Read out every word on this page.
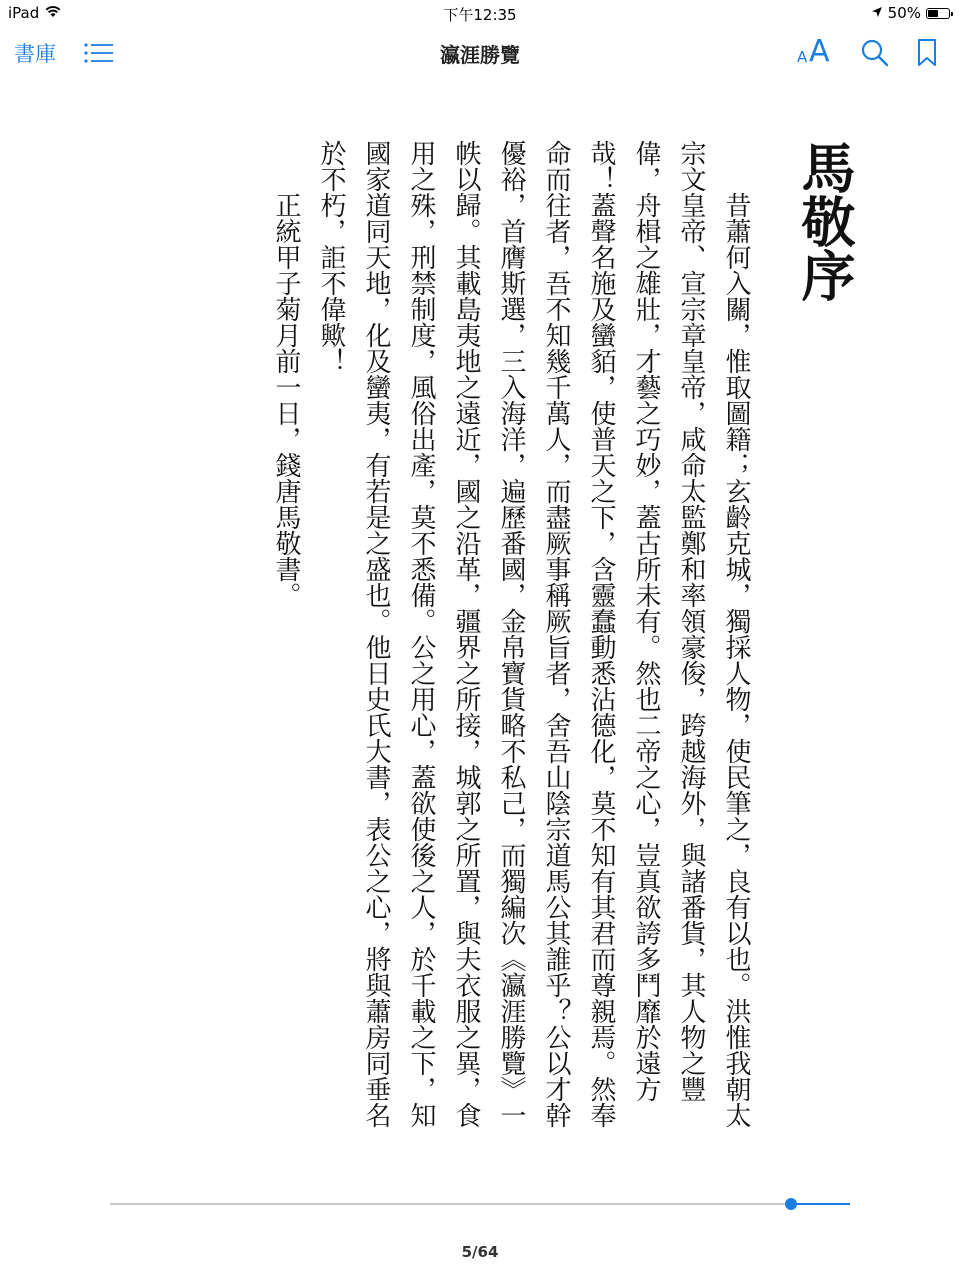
iPad	下午12:35	50%
書庫	瀛涯勝覽	A A
馬敬序

昔蕭何入關，惟取圖籍；玄齡克城，獨採人物，使民筆之，良有以也。洪惟我朝太宗文皇帝、宣宗章皇帝，咸命太監鄭和率領豪俊，跨越海外，與諸番貨，其人物之豐偉，舟楫之雄壯，才藝之巧妙，蓋古所未有。然也二帝之心，豈真欲誇多鬥靡於遠方哉！蓋聲名施及蠻貊，使普天之下，含靈蠢動悉沾德化，莫不知有其君而尊親焉。然奉命而往者，吾不知幾千萬人，而盡厥事稱厥旨者，舍吾山陰宗道馬公其誰乎？公以才幹優裕，首膺斯選，三入海洋，遍歷番國，金帛寶貨略不私己，而獨編次《瀛涯勝覽》一帙以歸。其載島夷地之遠近，國之沿革，疆界之所接，城郭之所置，與夫衣服之異，食用之殊，刑禁制度，風俗出產，莫不悉備。公之用心，蓋欲使後之人，於千載之下，知國家道同天地，化及蠻夷，有若是之盛也。他日史氏大書，表公之心，將與蕭房同垂名於不朽，詎不偉歟！

正統甲子菊月前一日，錢唐馬敬書。

5/64
